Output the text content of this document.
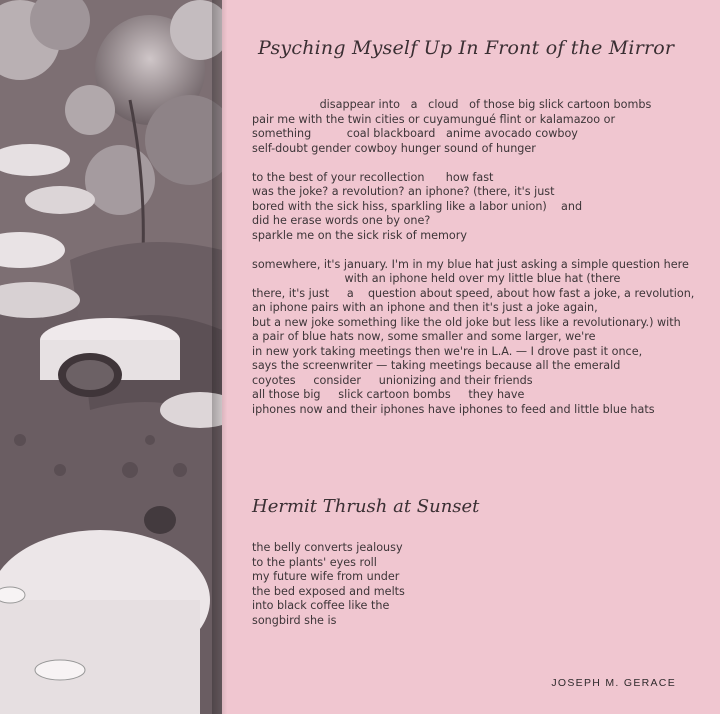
Psyching Myself Up In Front of the Mirror
disappear into   a   cloud   of those big slick cartoon bombs
pair me with the twin cities or cuyamungué flint or kalamazoo or
something          coal blackboard   anime avocado cowboy
self-doubt gender cowboy hunger sound of hunger

to the best of your recollection      how fast
was the joke? a revolution? an iphone? (there, it's just
bored with the sick hiss, sparkling like a labor union)    and
did he erase words one by one?
sparkle me on the sick risk of memory

somewhere, it's january. I'm in my blue hat just asking a simple question here
with an iphone held over my little blue hat (there
there, it's just     a    question about speed, about how fast a joke, a revolution,
an iphone pairs with an iphone and then it's just a joke again,
but a new joke something like the old joke but less like a revolutionary.) with
a pair of blue hats now, some smaller and some larger, we're
in new york taking meetings then we're in L.A. — I drove past it once,
says the screenwriter — taking meetings because all the emerald
coyotes     consider     unionizing and their friends
all those big     slick cartoon bombs     they have
iphones now and their iphones have iphones to feed and little blue hats
Hermit Thrush at Sunset
the belly converts jealousy
to the plants' eyes roll
my future wife from under
the bed exposed and melts
into black coffee like the
songbird she is
JOSEPH M. GERACE
